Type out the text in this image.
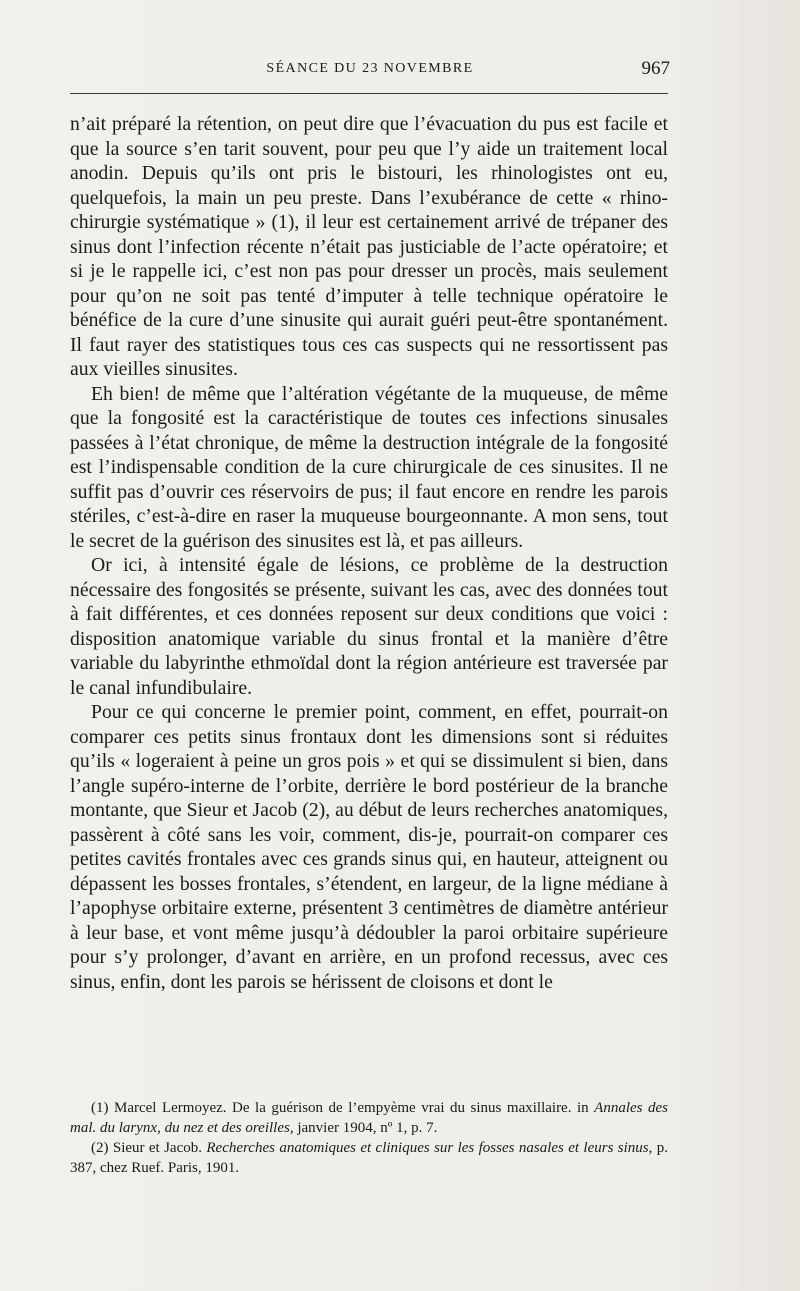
SÉANCE DU 23 NOVEMBRE	967

n’ait préparé la rétention, on peut dire que l’évacuation du pus est facile et que la source s’en tarit souvent, pour peu que l’y aide un traitement local anodin. Depuis qu’ils ont pris le bistouri, les rhinologistes ont eu, quelquefois, la main un peu preste. Dans l’exubérance de cette « rhino-chirurgie systématique » (1), il leur est certainement arrivé de trépaner des sinus dont l’infection récente n’était pas justiciable de l’acte opératoire; et si je le rappelle ici, c’est non pas pour dresser un procès, mais seulement pour qu’on ne soit pas tenté d’imputer à telle technique opératoire le bénéfice de la cure d’une sinusite qui aurait guéri peut-être spontanément. Il faut rayer des statistiques tous ces cas suspects qui ne ressortissent pas aux vieilles sinusites.

Eh bien! de même que l’altération végétante de la muqueuse, de même que la fongosité est la caractéristique de toutes ces infections sinusales passées à l’état chronique, de même la destruction intégrale de la fongosité est l’indispensable condition de la cure chirurgicale de ces sinusites. Il ne suffit pas d’ouvrir ces réservoirs de pus; il faut encore en rendre les parois stériles, c’est-à-dire en raser la muqueuse bourgeonnante. A mon sens, tout le secret de la guérison des sinusites est là, et pas ailleurs.

Or ici, à intensité égale de lésions, ce problème de la destruction nécessaire des fongosités se présente, suivant les cas, avec des données tout à fait différentes, et ces données reposent sur deux conditions que voici : disposition anatomique variable du sinus frontal et la manière d’être variable du labyrinthe ethmoïdal dont la région antérieure est traversée par le canal infundibulaire.

Pour ce qui concerne le premier point, comment, en effet, pourrait-on comparer ces petits sinus frontaux dont les dimensions sont si réduites qu’ils « logeraient à peine un gros pois » et qui se dissimulent si bien, dans l’angle supéro-interne de l’orbite, derrière le bord postérieur de la branche montante, que Sieur et Jacob (2), au début de leurs recherches anatomiques, passèrent à côté sans les voir, comment, dis-je, pourrait-on comparer ces petites cavités frontales avec ces grands sinus qui, en hauteur, atteignent ou dépassent les bosses frontales, s’étendent, en largeur, de la ligne médiane à l’apophyse orbitaire externe, présentent 3 centimètres de diamètre antérieur à leur base, et vont même jusqu’à dédoubler la paroi orbitaire supérieure pour s’y prolonger, d’avant en arrière, en un profond recessus, avec ces sinus, enfin, dont les parois se hérissent de cloisons et dont le

(1) Marcel Lermoyez. De la guérison de l’empyème vrai du sinus maxillaire. in Annales des mal. du larynx, du nez et des oreilles, janvier 1904, nº 1, p. 7.

(2) Sieur et Jacob. Recherches anatomiques et cliniques sur les fosses nasales et leurs sinus, p. 387, chez Ruef. Paris, 1901.
